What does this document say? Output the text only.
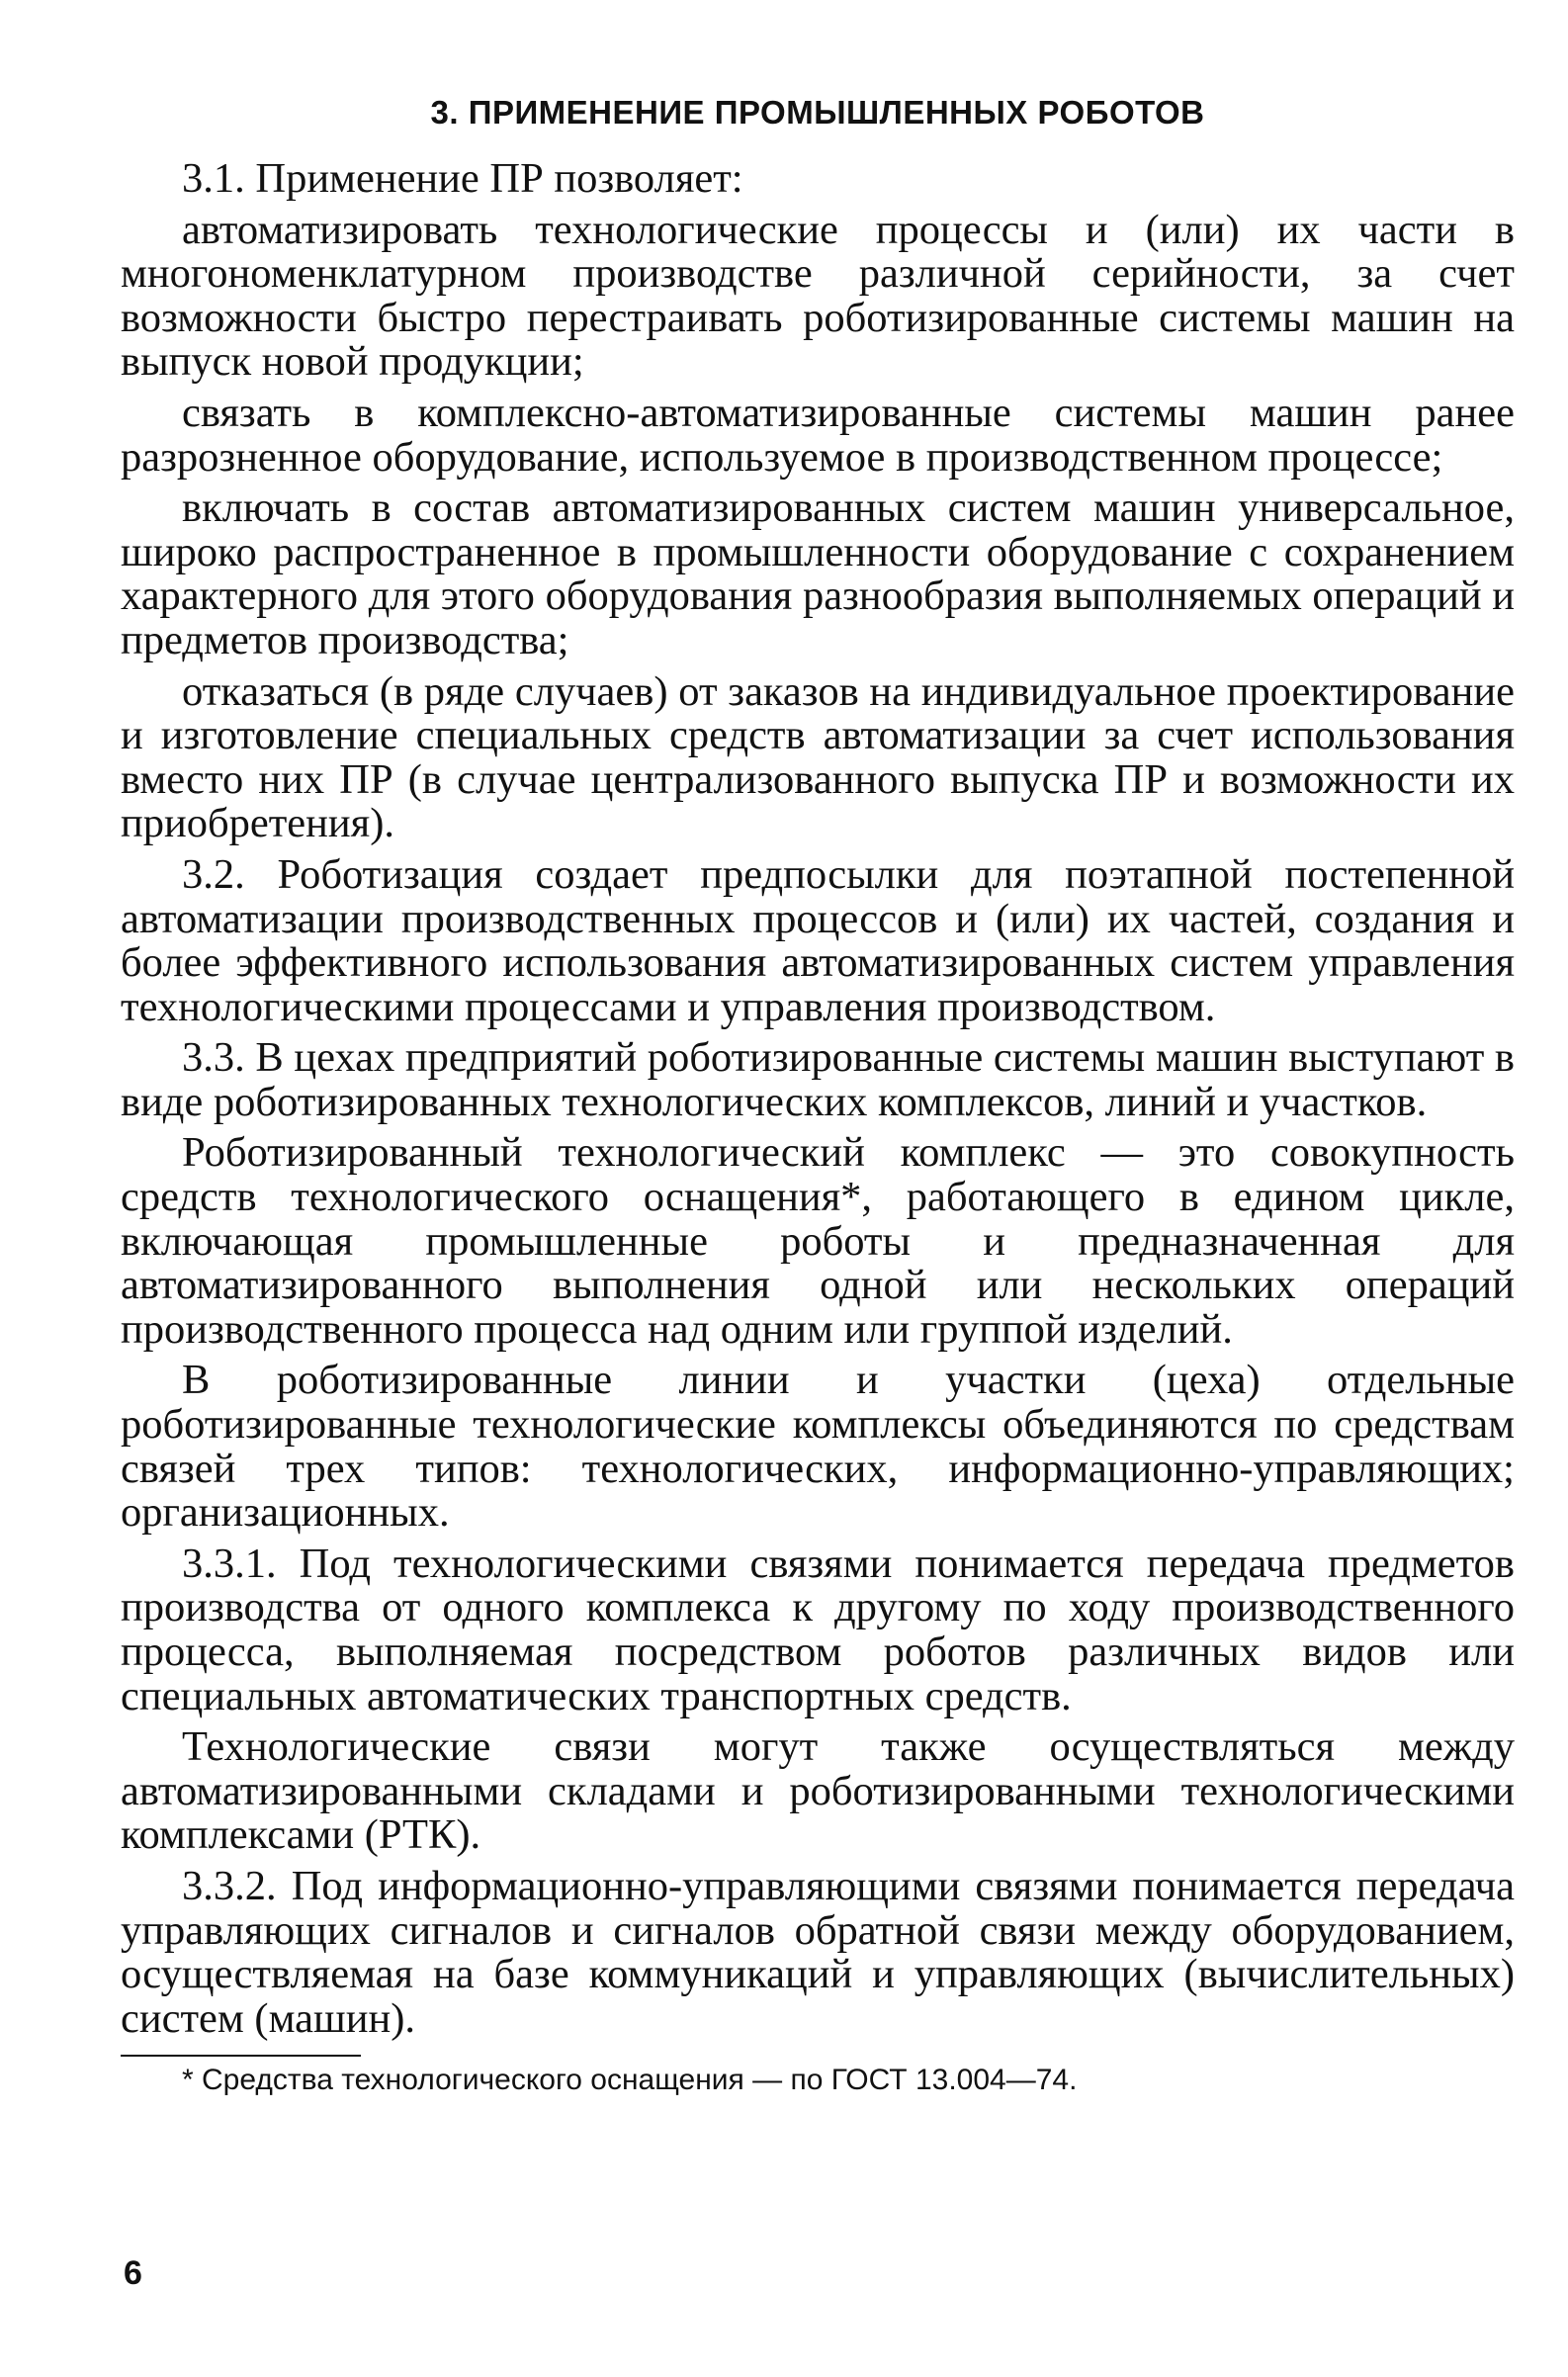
3. ПРИМЕНЕНИЕ ПРОМЫШЛЕННЫХ РОБОТОВ

3.1. Применение ПР позволяет:

автоматизировать технологические процессы и (или) их части в многономенклатурном производстве различной серийности, за счет возможности быстро перестраивать роботизированные системы машин на выпуск новой продукции;

связать в комплексно-автоматизированные системы машин ранее разрозненное оборудование, используемое в производственном процессе;

включать в состав автоматизированных систем машин универсальное, широко распространенное в промышленности оборудование с сохранением характерного для этого оборудования разнообразия выполняемых операций и предметов производства;

отказаться (в ряде случаев) от заказов на индивидуальное проектирование и изготовление специальных средств автоматизации за счет использования вместо них ПР (в случае централизованного выпуска ПР и возможности их приобретения).

3.2. Роботизация создает предпосылки для поэтапной постепенной автоматизации производственных процессов и (или) их частей, создания и более эффективного использования автоматизированных систем управления технологическими процессами и управления производством.

3.3. В цехах предприятий роботизированные системы машин выступают в виде роботизированных технологических комплексов, линий и участков.

Роботизированный технологический комплекс — это совокупность средств технологического оснащения*, работающего в едином цикле, включающая промышленные роботы и предназначенная для автоматизированного выполнения одной или нескольких операций производственного процесса над одним или группой изделий.

В роботизированные линии и участки (цеха) отдельные роботизированные технологические комплексы объединяются по средствам связей трех типов: технологических, информационно-управляющих; организационных.

3.3.1. Под технологическими связями понимается передача предметов производства от одного комплекса к другому по ходу производственного процесса, выполняемая посредством роботов различных видов или специальных автоматических транспортных средств.

Технологические связи могут также осуществляться между автоматизированными складами и роботизированными технологическими комплексами (РТК).

3.3.2. Под информационно-управляющими связями понимается передача управляющих сигналов и сигналов обратной связи между оборудованием, осуществляемая на базе коммуникаций и управляющих (вычислительных) систем (машин).

* Средства технологического оснащения — по ГОСТ 13.004—74.

6
